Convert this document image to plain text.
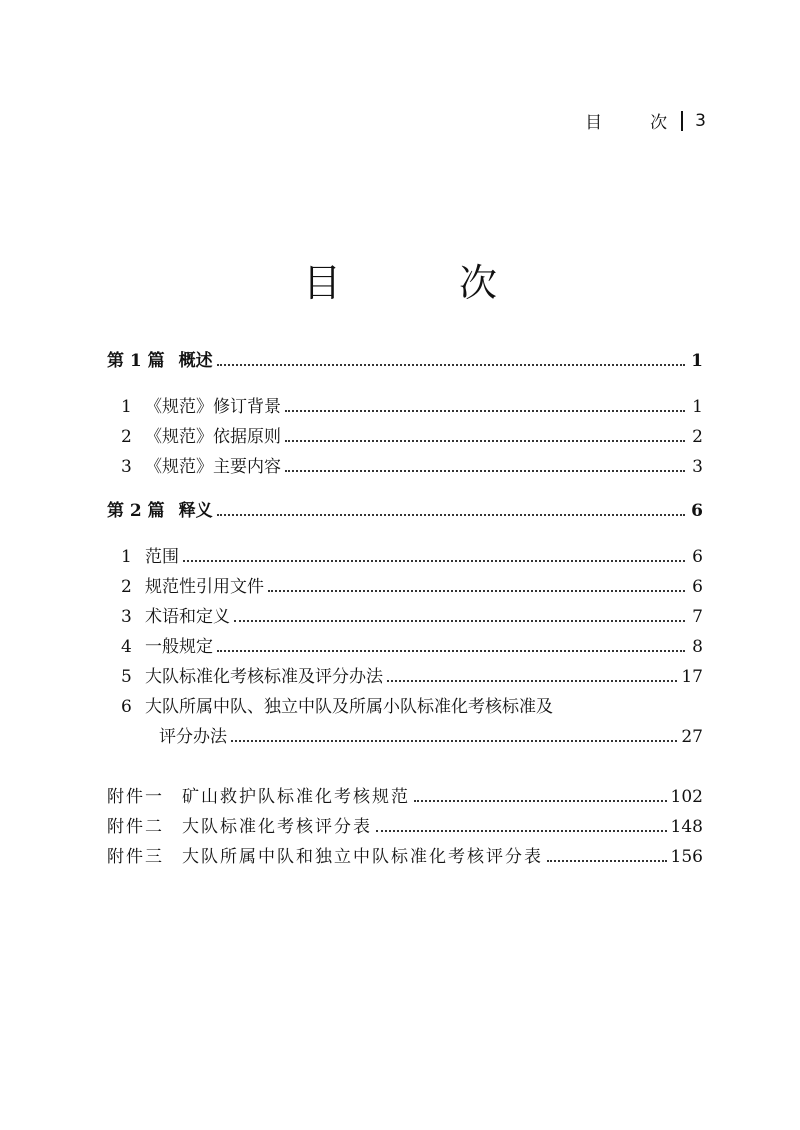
目	次 3
目	次
第 1 篇 概述	1
1 《规范》修订背景	1
2 《规范》依据原则	2
3 《规范》主要内容	3
第 2 篇 释义	6
1 范围	6
2 规范性引用文件	6
3 术语和定义	7
4 一般规定	8
5 大队标准化考核标准及评分办法	17
6 大队所属中队、独立中队及所属小队标准化考核标准及
评分办法	27
附件一 矿山救护队标准化考核规范	102
附件二 大队标准化考核评分表	148
附件三 大队所属中队和独立中队标准化考核评分表	156
